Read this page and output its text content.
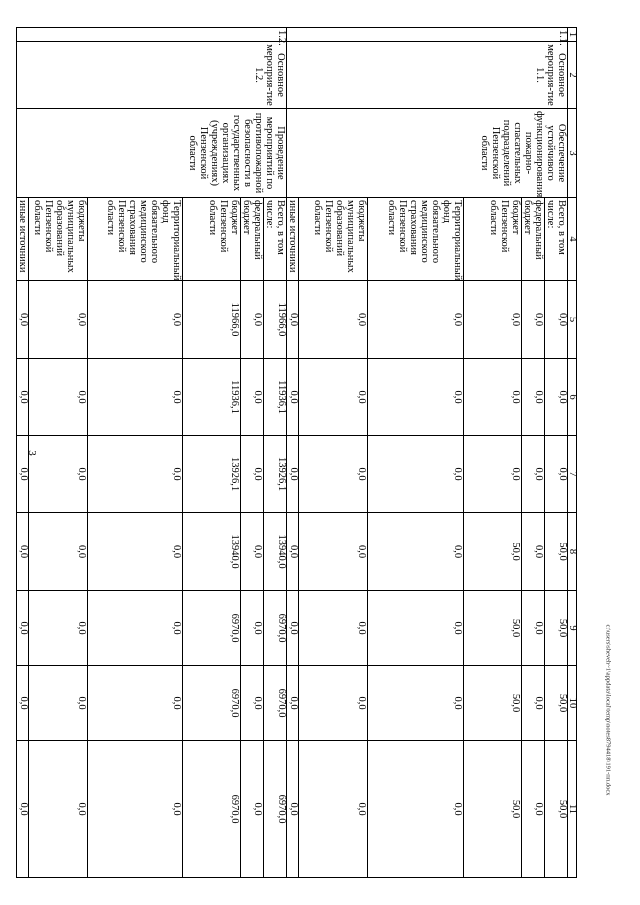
3
1	2	3	4	5	6	7	8	9	10	11
1.1.	Основное мероприя-тие 1.1.	Обеспечение устойчивого функционирования пожарно-спасательных подразделений Пензенской области	Всего, в том числе:	0,0	0,0	0,0	50,0	50,0	50,0	50,0
			федеральный бюджет	0,0	0,0	0,0	0,0	0,0	0,0	0,0
			бюджет Пензенской области	0,0	0,0	0,0	50,0	50,0	50,0	50,0
			Территориальный фонд обязательного медицинского страхования Пензенской области	0,0	0,0	0,0	0,0	0,0	0,0	0,0
			бюджеты муниципальных образований Пензенской области	0,0	0,0	0,0	0,0	0,0	0,0	0,0
			иные источники	0,0	0,0	0,0	0,0	0,0	0,0	0,0
1.2.	Основное мероприя-тие 1.2.	Проведение мероприятий по противопожарной безопасности в государственных организациях (учреждениях) Пензенской области	Всего, в том числе:	11966,0	11936,1	13926,1	13940,0	6970,0	6970,0	6970,0
			федеральный бюджет	0,0	0,0	0,0	0,0	0,0	0,0	0,0
			бюджет Пензенской области	11966,0	11936,1	13926,1	13940,0	6970,0	6970,0	6970,0
			Территориальный фонд обязательного медицинского страхования Пензенской области	0,0	0,0	0,0	0,0	0,0	0,0	0,0
			бюджеты муниципальных образований Пензенской области	0,0	0,0	0,0	0,0	0,0	0,0	0,0
			иные источники	0,0	0,0	0,0	0,0	0,0	0,0	0,0
c:\users\sheveh~1\appdata\local\temp\notes8794418\191-пп.docx
